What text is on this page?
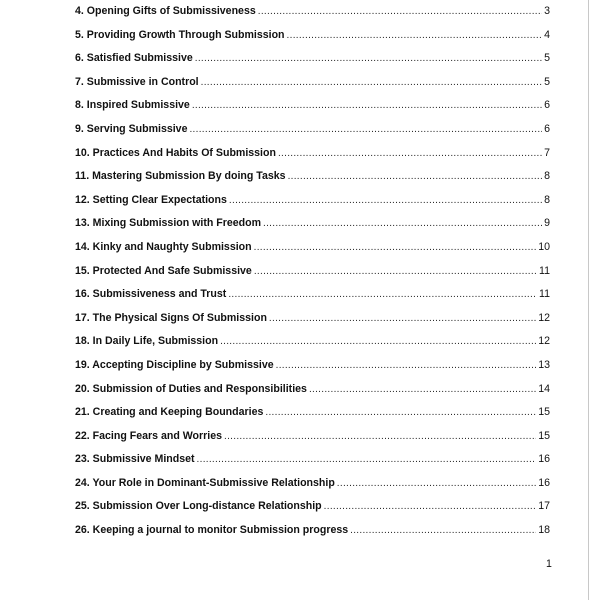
4. Opening Gifts of Submissiveness .....	3
5. Providing Growth Through Submission .....	4
6. Satisfied Submissive .....	5
7. Submissive in Control .....	5
8. Inspired Submissive .....	6
9. Serving Submissive .....	6
10. Practices And Habits Of Submission .....	7
11. Mastering Submission By doing Tasks .....	8
12. Setting Clear Expectations .....	8
13. Mixing Submission with Freedom .....	9
14. Kinky and Naughty Submission .....	10
15. Protected And Safe Submissive .....	11
16. Submissiveness and Trust .....	11
17. The Physical Signs Of Submission .....	12
18. In Daily Life, Submission .....	12
19. Accepting Discipline by Submissive .....	13
20. Submission of Duties and Responsibilities .....	14
21. Creating and Keeping Boundaries .....	15
22. Facing Fears and Worries .....	15
23. Submissive Mindset .....	16
24. Your Role in Dominant-Submissive Relationship .....	16
25. Submission Over Long-distance Relationship .....	17
26. Keeping a journal to monitor Submission progress .....	18
1
